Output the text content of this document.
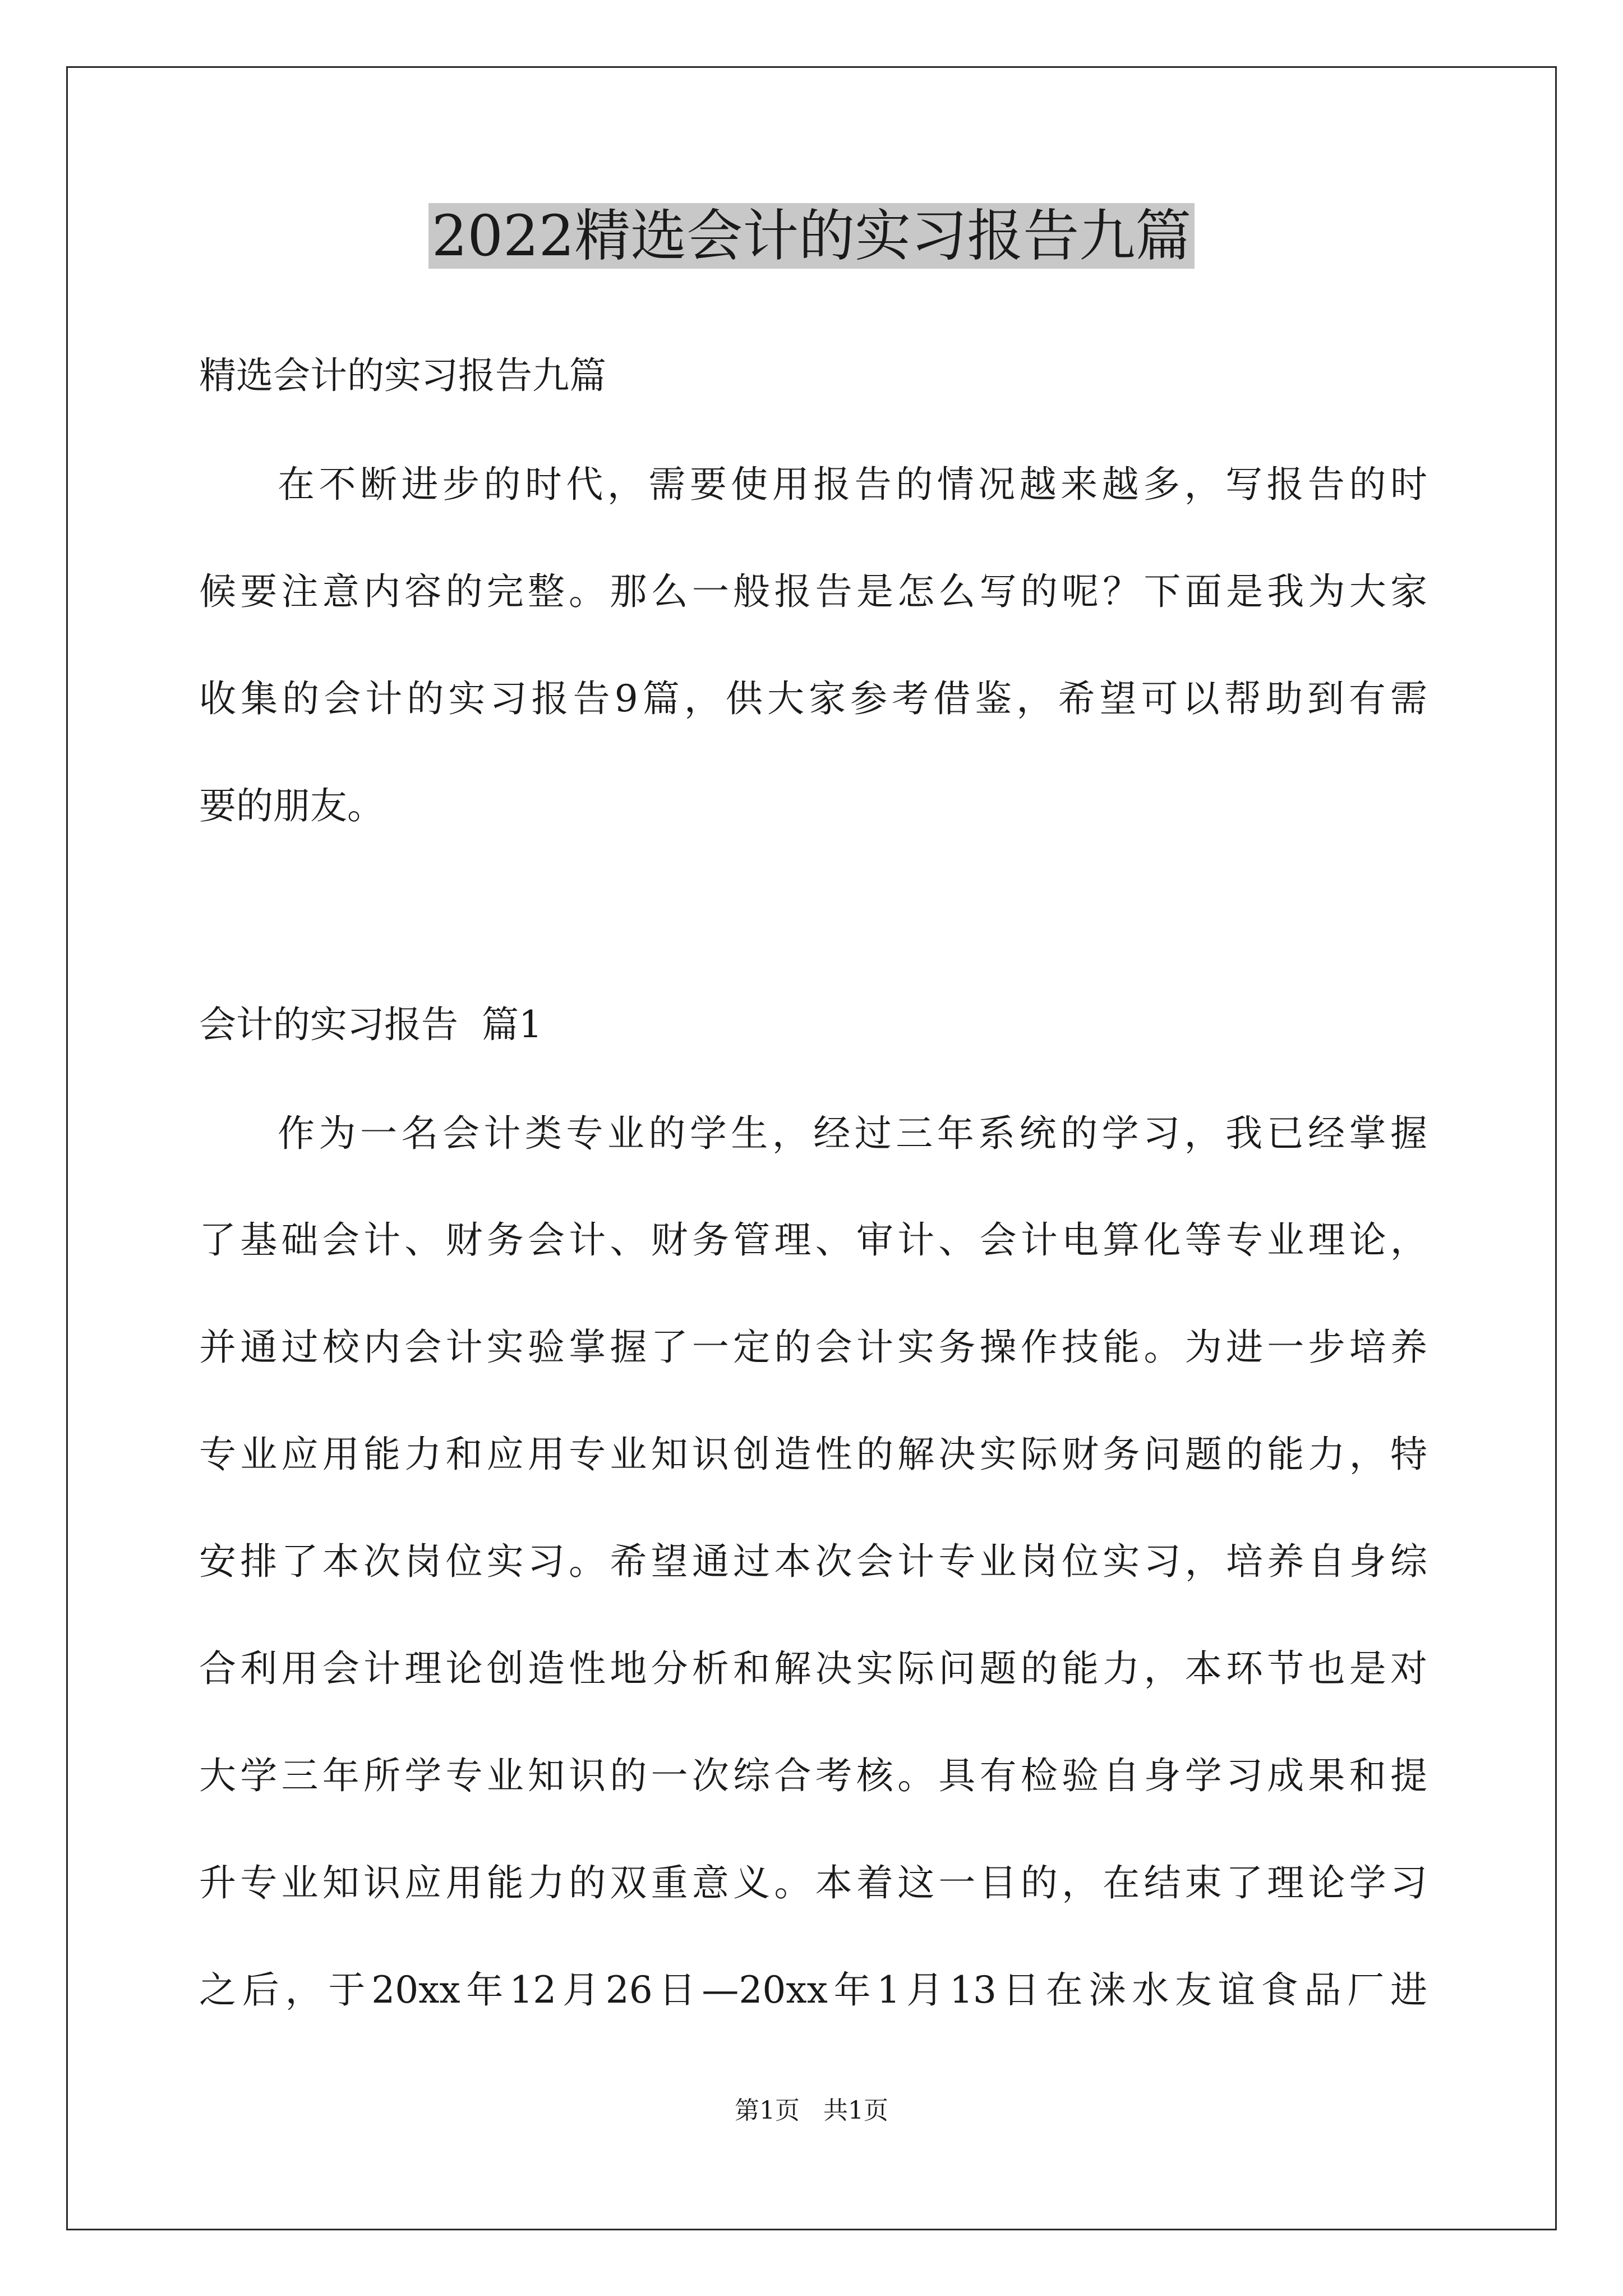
2022精选会计的实习报告九篇
精选会计的实习报告九篇
在不断进步的时代，需要使用报告的情况越来越多，写报告的时
候要注意内容的完整。那么一般报告是怎么写的呢？下面是我为大家
收集的会计的实习报告9篇，供大家参考借鉴，希望可以帮助到有需
要的朋友。
会计的实习报告  篇1
作为一名会计类专业的学生，经过三年系统的学习，我已经掌握
了基础会计、财务会计、财务管理、审计、会计电算化等专业理论，
并通过校内会计实验掌握了一定的会计实务操作技能。为进一步培养
专业应用能力和应用专业知识创造性的解决实际财务问题的能力，特
安排了本次岗位实习。希望通过本次会计专业岗位实习，培养自身综
合利用会计理论创造性地分析和解决实际问题的能力，本环节也是对
大学三年所学专业知识的一次综合考核。具有检验自身学习成果和提
升专业知识应用能力的双重意义。本着这一目的，在结束了理论学习
之后，于20xx年12月26日—20xx年1月13日在涞水友谊食品厂进
第1页   共1页
